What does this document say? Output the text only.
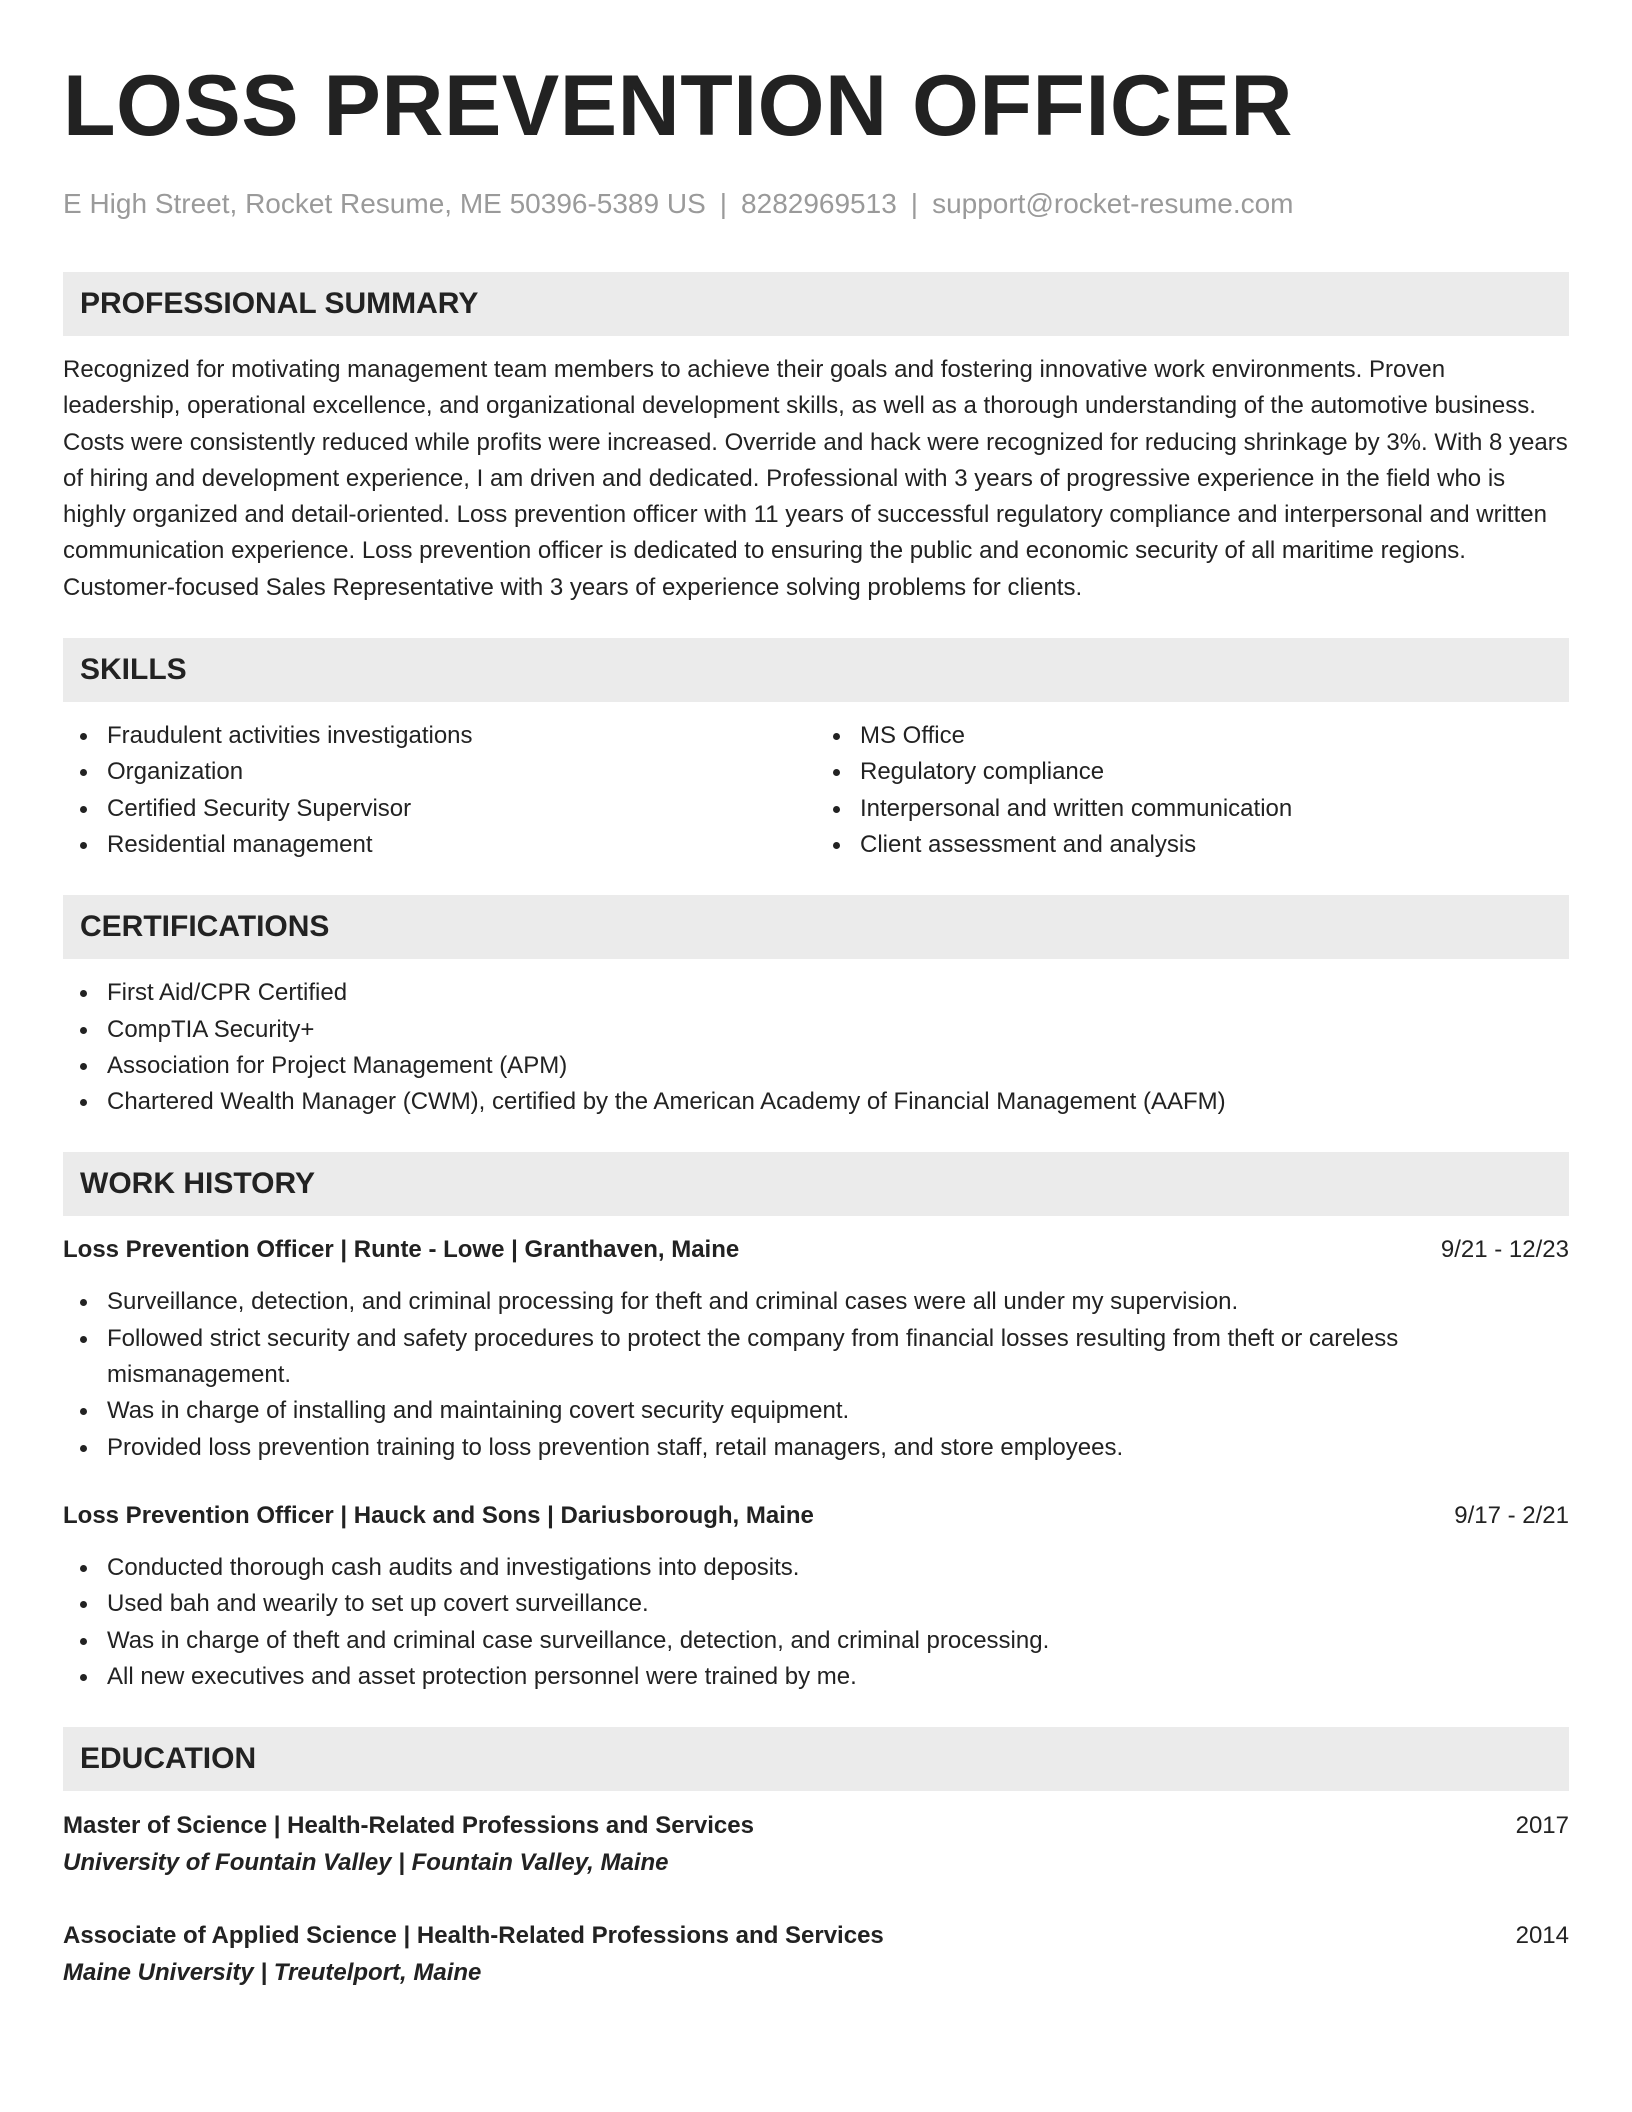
LOSS PREVENTION OFFICER
E High Street, Rocket Resume, ME 50396-5389 US | 8282969513 | support@rocket-resume.com
PROFESSIONAL SUMMARY

Recognized for motivating management team members to achieve their goals and fostering innovative work environments. Proven leadership, operational excellence, and organizational development skills, as well as a thorough understanding of the automotive business. Costs were consistently reduced while profits were increased. Override and hack were recognized for reducing shrinkage by 3%. With 8 years of hiring and development experience, I am driven and dedicated. Professional with 3 years of progressive experience in the field who is highly organized and detail-oriented. Loss prevention officer with 11 years of successful regulatory compliance and interpersonal and written communication experience. Loss prevention officer is dedicated to ensuring the public and economic security of all maritime regions. Customer-focused Sales Representative with 3 years of experience solving problems for clients.

SKILLS
Fraudulent activities investigations
Organization
Certified Security Supervisor
Residential management
MS Office
Regulatory compliance
Interpersonal and written communication
Client assessment and analysis
CERTIFICATIONS
First Aid/CPR Certified
CompTIA Security+
Association for Project Management (APM)
Chartered Wealth Manager (CWM), certified by the American Academy of Financial Management (AAFM)
WORK HISTORY
Loss Prevention Officer | Runte - Lowe | Granthaven, Maine	9/21 - 12/23
Surveillance, detection, and criminal processing for theft and criminal cases were all under my supervision.
Followed strict security and safety procedures to protect the company from financial losses resulting from theft or careless mismanagement.
Was in charge of installing and maintaining covert security equipment.
Provided loss prevention training to loss prevention staff, retail managers, and store employees.
Loss Prevention Officer | Hauck and Sons | Dariusborough, Maine	9/17 - 2/21
Conducted thorough cash audits and investigations into deposits.
Used bah and wearily to set up covert surveillance.
Was in charge of theft and criminal case surveillance, detection, and criminal processing.
All new executives and asset protection personnel were trained by me.
EDUCATION
Master of Science | Health-Related Professions and Services	2017
University of Fountain Valley | Fountain Valley, Maine
Associate of Applied Science | Health-Related Professions and Services	2014
Maine University | Treutelport, Maine
